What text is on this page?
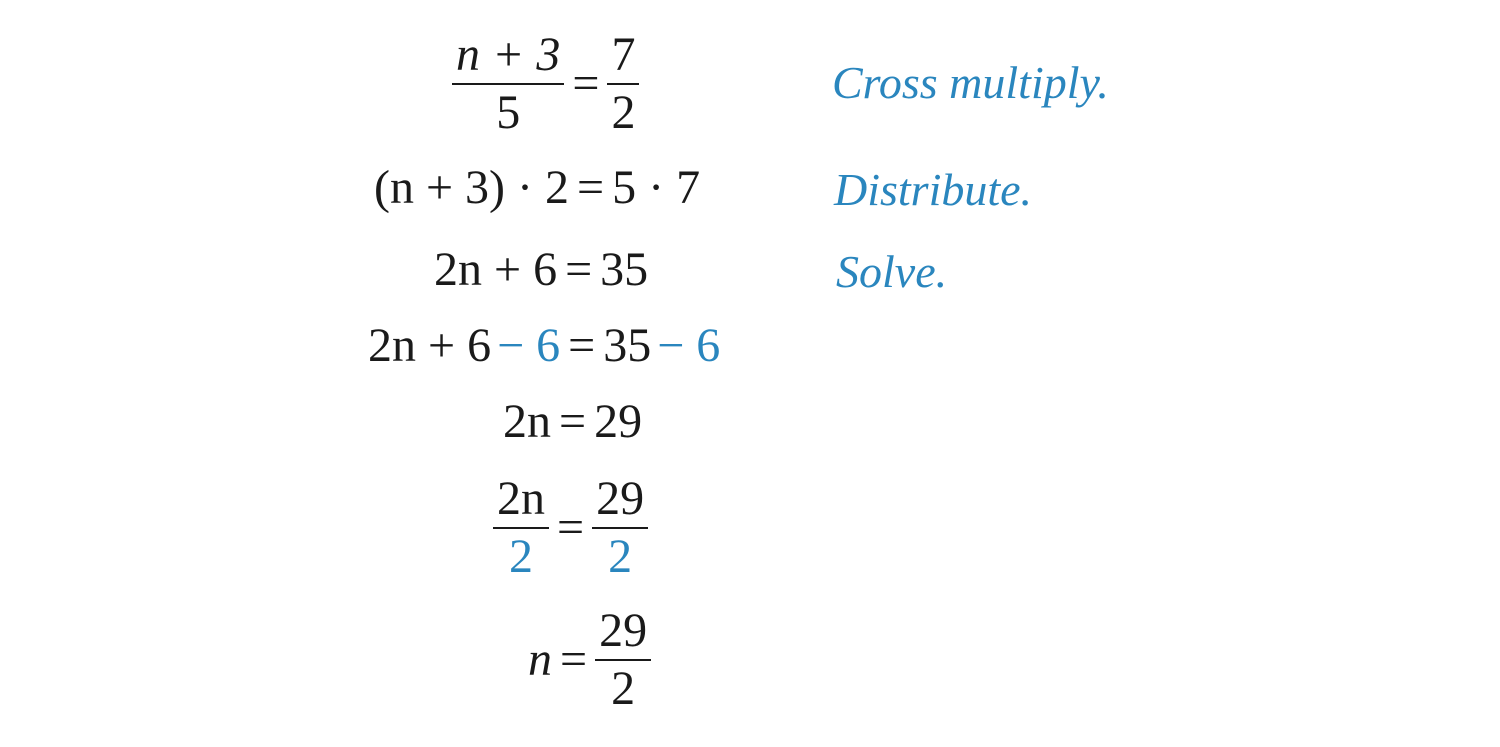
$\frac{n + 3}{5} = \frac{7}{2}$	Cross multiply.
(n + 3) · 2 = 5 · 7	Distribute.
2n + 6 = 35	Solve.
2n + 6 − 6 = 35 − 6
2n = 29
$\frac{2n}{2} = \frac{29}{2}$
$n = \frac{29}{2}$
